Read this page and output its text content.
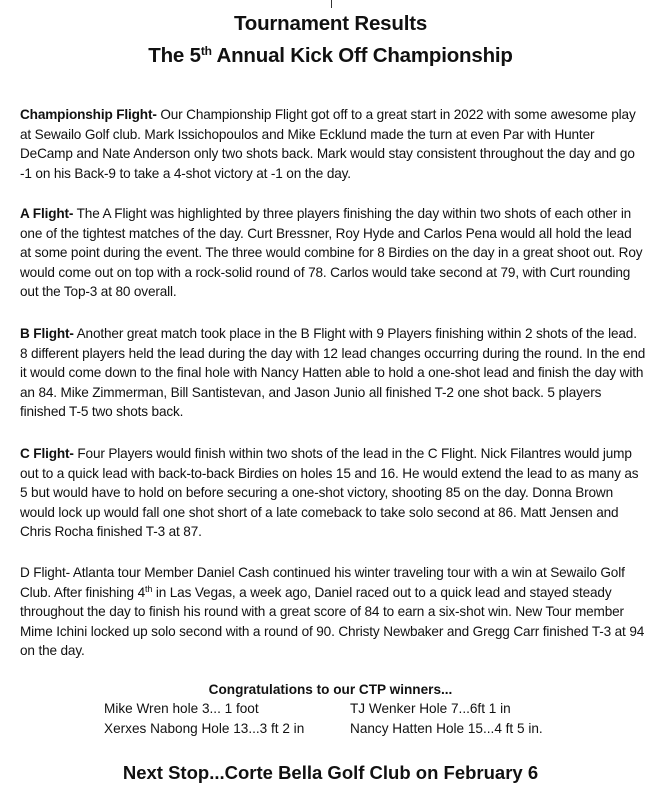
Tournament Results
The 5th Annual Kick Off Championship

Championship Flight- Our Championship Flight got off to a great start in 2022 with some awesome play at Sewailo Golf club. Mark Issichopoulos and Mike Ecklund made the turn at even Par with Hunter DeCamp and Nate Anderson only two shots back. Mark would stay consistent throughout the day and go -1 on his Back-9 to take a 4-shot victory at -1 on the day.

A Flight- The A Flight was highlighted by three players finishing the day within two shots of each other in one of the tightest matches of the day. Curt Bressner, Roy Hyde and Carlos Pena would all hold the lead at some point during the event. The three would combine for 8 Birdies on the day in a great shoot out. Roy would come out on top with a rock-solid round of 78. Carlos would take second at 79, with Curt rounding out the Top-3 at 80 overall.

B Flight- Another great match took place in the B Flight with 9 Players finishing within 2 shots of the lead. 8 different players held the lead during the day with 12 lead changes occurring during the round. In the end it would come down to the final hole with Nancy Hatten able to hold a one-shot lead and finish the day with an 84. Mike Zimmerman, Bill Santistevan, and Jason Junio all finished T-2 one shot back. 5 players finished T-5 two shots back.

C Flight- Four Players would finish within two shots of the lead in the C Flight. Nick Filantres would jump out to a quick lead with back-to-back Birdies on holes 15 and 16. He would extend the lead to as many as 5 but would have to hold on before securing a one-shot victory, shooting 85 on the day. Donna Brown would lock up would fall one shot short of a late comeback to take solo second at 86. Matt Jensen and Chris Rocha finished T-3 at 87.

D Flight- Atlanta tour Member Daniel Cash continued his winter traveling tour with a win at Sewailo Golf Club. After finishing 4th in Las Vegas, a week ago, Daniel raced out to a quick lead and stayed steady throughout the day to finish his round with a great score of 84 to earn a six-shot win. New Tour member Mime Ichini locked up solo second with a round of 90. Christy Newbaker and Gregg Carr finished T-3 at 94 on the day.

Congratulations to our CTP winners...
Mike Wren hole 3... 1 foot	TJ Wenker Hole 7...6ft 1 in
Xerxes Nabong Hole 13...3 ft 2 in	Nancy Hatten Hole 15...4 ft 5 in.
Next Stop...Corte Bella Golf Club on February 6
